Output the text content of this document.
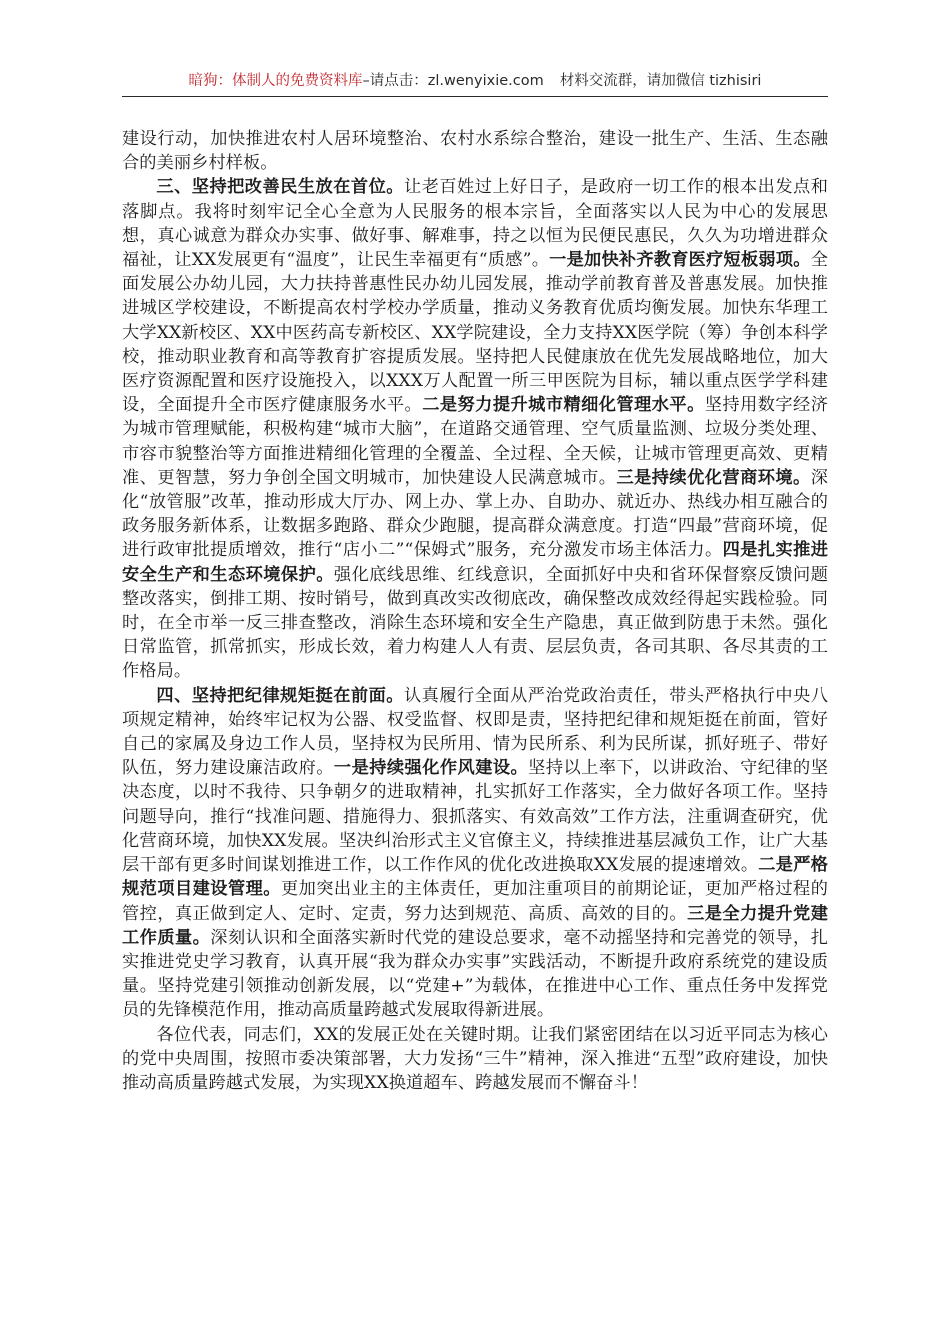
暗狗：体制人的免费资料库–请点击：zl.wenyixie.com 材料交流群，请加微信 tizhisiri

建设行动，加快推进农村人居环境整治、农村水系综合整治，建设一批生产、生活、生态融合的美丽乡村样板。

三、坚持把改善民生放在首位。让老百姓过上好日子，是政府一切工作的根本出发点和落脚点。我将时刻牢记全心全意为人民服务的根本宗旨，全面落实以人民为中心的发展思想，真心诚意为群众办实事、做好事、解难事，持之以恒为民便民惠民，久久为功增进群众福祉，让XX发展更有“温度”，让民生幸福更有“质感”。一是加快补齐教育医疗短板弱项。全面发展公办幼儿园，大力扶持普惠性民办幼儿园发展，推动学前教育普及普惠发展。加快推进城区学校建设，不断提高农村学校办学质量，推动义务教育优质均衡发展。加快东华理工大学XX新校区、XX中医药高专新校区、XX学院建设，全力支持XX医学院（筹）争创本科学校，推动职业教育和高等教育扩容提质发展。坚持把人民健康放在优先发展战略地位，加大医疗资源配置和医疗设施投入，以XXX万人配置一所三甲医院为目标，辅以重点医学学科建设，全面提升全市医疗健康服务水平。二是努力提升城市精细化管理水平。坚持用数字经济为城市管理赋能，积极构建“城市大脑”，在道路交通管理、空气质量监测、垃圾分类处理、市容市貌整治等方面推进精细化管理的全覆盖、全过程、全天候，让城市管理更高效、更精准、更智慧，努力争创全国文明城市，加快建设人民满意城市。三是持续优化营商环境。深化“放管服”改革，推动形成大厅办、网上办、掌上办、自助办、就近办、热线办相互融合的政务服务新体系，让数据多跑路、群众少跑腿，提高群众满意度。打造“四最”营商环境，促进行政审批提质增效，推行“店小二”“保姆式”服务，充分激发市场主体活力。四是扎实推进安全生产和生态环境保护。强化底线思维、红线意识，全面抓好中央和省环保督察反馈问题整改落实，倒排工期、按时销号，做到真改实改彻底改，确保整改成效经得起实践检验。同时，在全市举一反三排查整改，消除生态环境和安全生产隐患，真正做到防患于未然。强化日常监管，抓常抓实，形成长效，着力构建人人有责、层层负责，各司其职、各尽其责的工作格局。

四、坚持把纪律规矩挺在前面。认真履行全面从严治党政治责任，带头严格执行中央八项规定精神，始终牢记权为公器、权受监督、权即是责，坚持把纪律和规矩挺在前面，管好自己的家属及身边工作人员，坚持权为民所用、情为民所系、利为民所谋，抓好班子、带好队伍，努力建设廉洁政府。一是持续强化作风建设。坚持以上率下，以讲政治、守纪律的坚决态度，以时不我待、只争朝夕的进取精神，扎实抓好工作落实，全力做好各项工作。坚持问题导向，推行“找准问题、措施得力、狠抓落实、有效高效”工作方法，注重调查研究，优化营商环境，加快XX发展。坚决纠治形式主义官僚主义，持续推进基层减负工作，让广大基层干部有更多时间谋划推进工作，以工作作风的优化改进换取XX发展的提速增效。二是严格规范项目建设管理。更加突出业主的主体责任，更加注重项目的前期论证，更加严格过程的管控，真正做到定人、定时、定责，努力达到规范、高质、高效的目的。三是全力提升党建工作质量。深刻认识和全面落实新时代党的建设总要求，毫不动摇坚持和完善党的领导，扎实推进党史学习教育，认真开展“我为群众办实事”实践活动，不断提升政府系统党的建设质量。坚持党建引领推动创新发展，以“党建+”为载体，在推进中心工作、重点任务中发挥党员的先锋模范作用，推动高质量跨越式发展取得新进展。

各位代表，同志们，XX的发展正处在关键时期。让我们紧密团结在以习近平同志为核心的党中央周围，按照市委决策部署，大力发扬“三牛”精神，深入推进“五型”政府建设，加快推动高质量跨越式发展，为实现XX换道超车、跨越发展而不懈奋斗！
